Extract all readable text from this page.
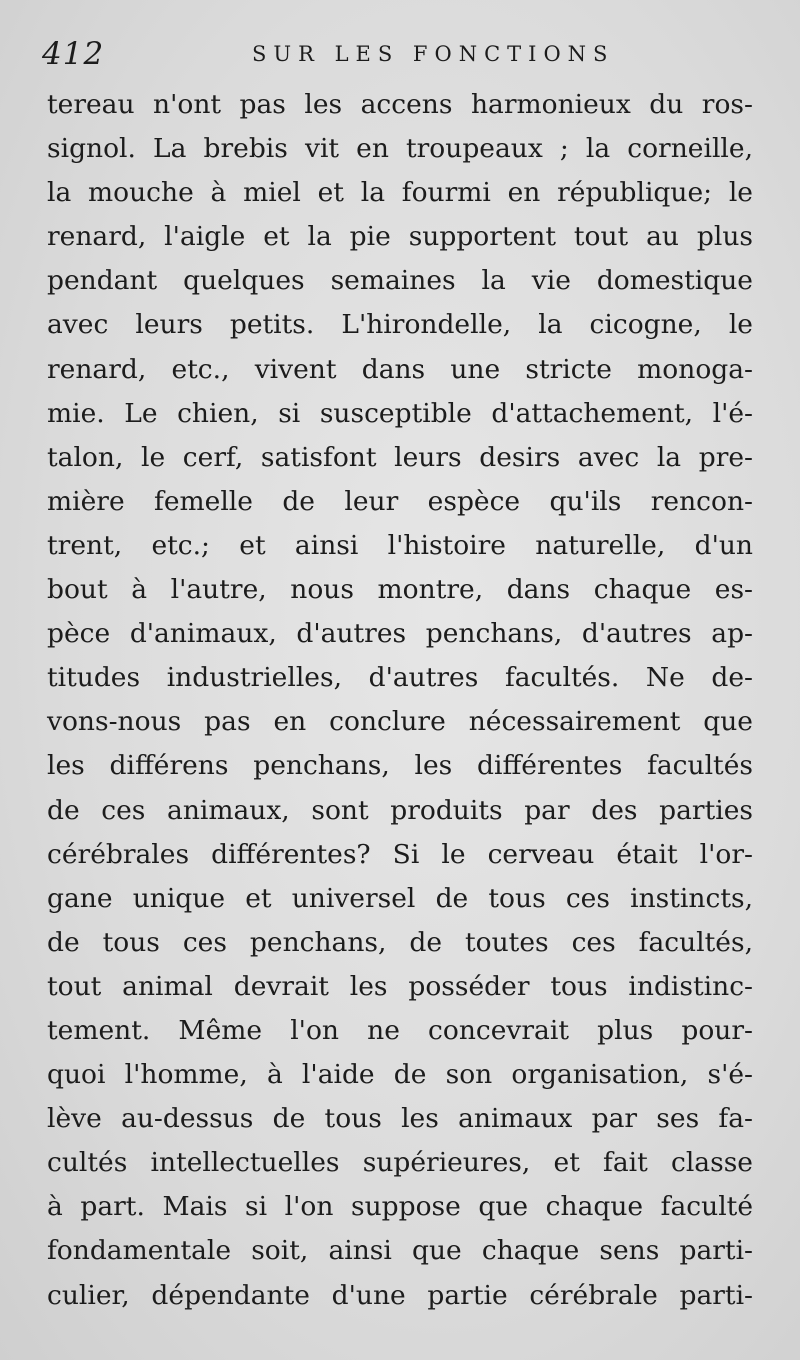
412	SUR LES FONCTIONS
tereau n'ont pas les accens harmonieux du ros-
signol. La brebis vit en troupeaux ; la corneille,
la mouche à miel et la fourmi en république; le
renard, l'aigle et la pie supportent tout au plus
pendant quelques semaines la vie domestique
avec leurs petits. L'hirondelle, la cicogne, le
renard, etc., vivent dans une stricte monoga-
mie. Le chien, si susceptible d'attachement, l'é-
talon, le cerf, satisfont leurs desirs avec la pre-
mière femelle de leur espèce qu'ils rencon-
trent, etc.; et ainsi l'histoire naturelle, d'un
bout à l'autre, nous montre, dans chaque es-
pèce d'animaux, d'autres penchans, d'autres ap-
titudes industrielles, d'autres facultés. Ne de-
vons-nous pas en conclure nécessairement que
les différens penchans, les différentes facultés
de ces animaux, sont produits par des parties
cérébrales différentes? Si le cerveau était l'or-
gane unique et universel de tous ces instincts,
de tous ces penchans, de toutes ces facultés,
tout animal devrait les posséder tous indistinc-
tement. Même l'on ne concevrait plus pour-
quoi l'homme, à l'aide de son organisation, s'é-
lève au-dessus de tous les animaux par ses fa-
cultés intellectuelles supérieures, et fait classe
à part. Mais si l'on suppose que chaque faculté
fondamentale soit, ainsi que chaque sens parti-
culier, dépendante d'une partie cérébrale parti-
